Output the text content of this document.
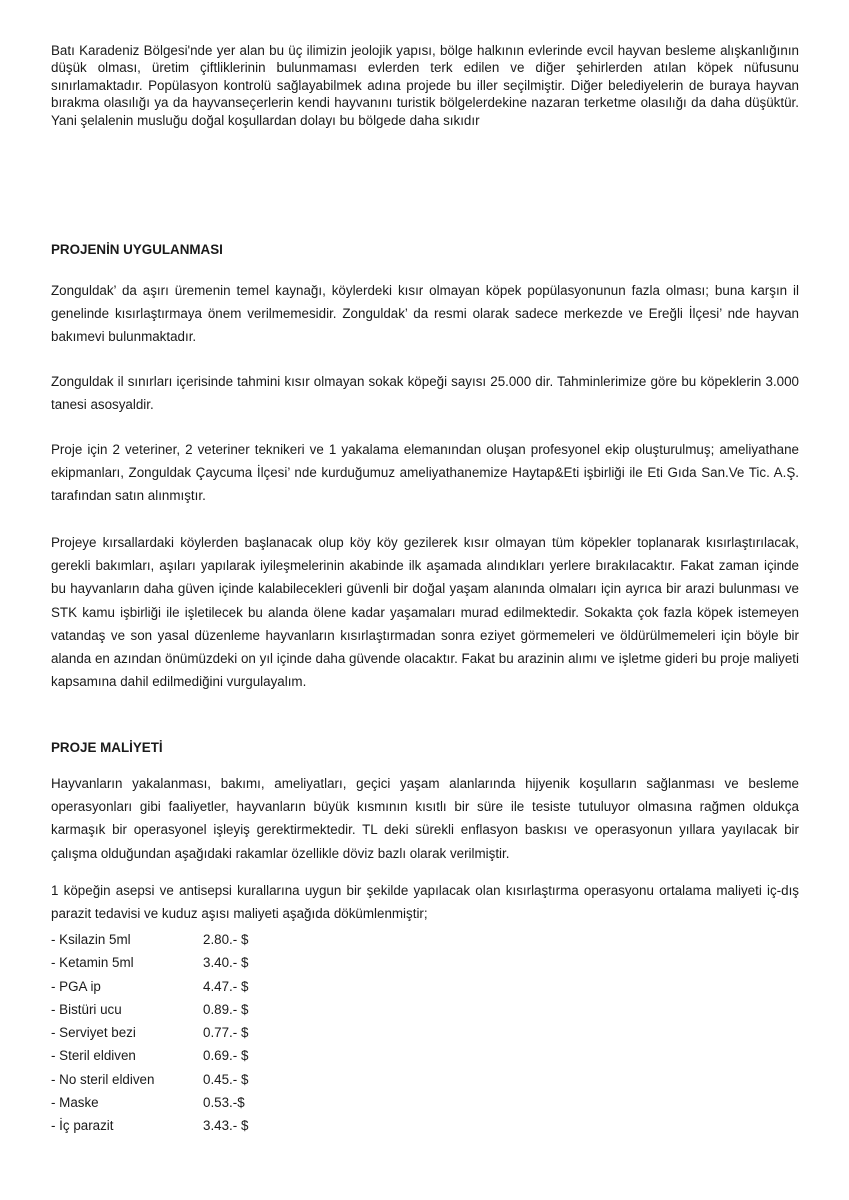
Batı Karadeniz Bölgesi'nde yer alan bu üç ilimizin jeolojik yapısı, bölge halkının evlerinde evcil hayvan besleme alışkanlığının düşük olması, üretim çiftliklerinin bulunmaması evlerden terk edilen ve diğer şehirlerden atılan köpek nüfusunu sınırlamaktadır. Popülasyon kontrolü sağlayabilmek adına projede bu iller seçilmiştir. Diğer belediyelerin de buraya hayvan bırakma olasılığı ya da hayvanseçerlerin kendi hayvanını turistik bölgelerdekine nazaran terketme olasılığı da daha düşüktür. Yani şelalenin musluğu doğal koşullardan dolayı bu bölgede daha sıkıdır

PROJENİN UYGULANMASI

Zonguldak’ da aşırı üremenin temel kaynağı, köylerdeki kısır olmayan köpek popülasyonunun fazla olması; buna karşın il genelinde kısırlaştırmaya önem verilmemesidir. Zonguldak’ da resmi olarak sadece merkezde ve Ereğli İlçesi’ nde hayvan bakımevi bulunmaktadır.

Zonguldak il sınırları içerisinde tahmini kısır olmayan sokak köpeği sayısı 25.000 dir. Tahminlerimize göre bu köpeklerin 3.000 tanesi asosyaldir.

Proje için 2 veteriner, 2 veteriner teknikeri ve 1 yakalama elemanından oluşan profesyonel ekip oluşturulmuş; ameliyathane ekipmanları, Zonguldak Çaycuma İlçesi’ nde kurduğumuz ameliyathanemize Haytap&Eti işbirliği ile Eti Gıda San.Ve Tic. A.Ş. tarafından satın alınmıştır.

Projeye kırsallardaki köylerden başlanacak olup köy köy gezilerek kısır olmayan tüm köpekler toplanarak kısırlaştırılacak, gerekli bakımları, aşıları yapılarak iyileşmelerinin akabinde ilk aşamada alındıkları yerlere bırakılacaktır. Fakat zaman içinde bu hayvanların daha güven içinde kalabilecekleri güvenli bir doğal yaşam alanında olmaları için ayrıca bir arazi bulunması ve STK kamu işbirliği ile işletilecek bu alanda ölene kadar yaşamaları murad edilmektedir. Sokakta çok fazla köpek istemeyen vatandaş ve son yasal düzenleme hayvanların kısırlaştırmadan sonra eziyet görmemeleri ve öldürülmemeleri için böyle bir alanda en azından önümüzdeki on yıl içinde daha güvende olacaktır. Fakat bu arazinin alımı ve işletme gideri bu proje maliyeti kapsamına dahil edilmediğini vurgulayalım.

PROJE MALİYETİ

Hayvanların yakalanması, bakımı, ameliyatları, geçici yaşam alanlarında hijyenik koşulların sağlanması ve besleme operasyonları gibi faaliyetler, hayvanların büyük kısmının kısıtlı bir süre ile tesiste tutuluyor olmasına rağmen oldukça karmaşık bir operasyonel işleyiş gerektirmektedir. TL deki sürekli enflasyon baskısı ve operasyonun yıllara yayılacak bir çalışma olduğundan aşağıdaki rakamlar özellikle döviz bazlı olarak verilmiştir.

1 köpeğin asepsi ve antisepsi kurallarına uygun bir şekilde yapılacak olan kısırlaştırma operasyonu ortalama maliyeti iç-dış parazit tedavisi ve kuduz aşısı maliyeti aşağıda dökümlenmiştir;

- Ksilazin 5ml	2.80.- $
- Ketamin 5ml	3.40.- $
- PGA ip	4.47.- $
- Bistüri ucu	0.89.- $
- Serviyet bezi	0.77.- $
- Steril eldiven	0.69.- $
- No steril eldiven	0.45.- $
- Maske	0.53.-$
- İç parazit	3.43.- $
